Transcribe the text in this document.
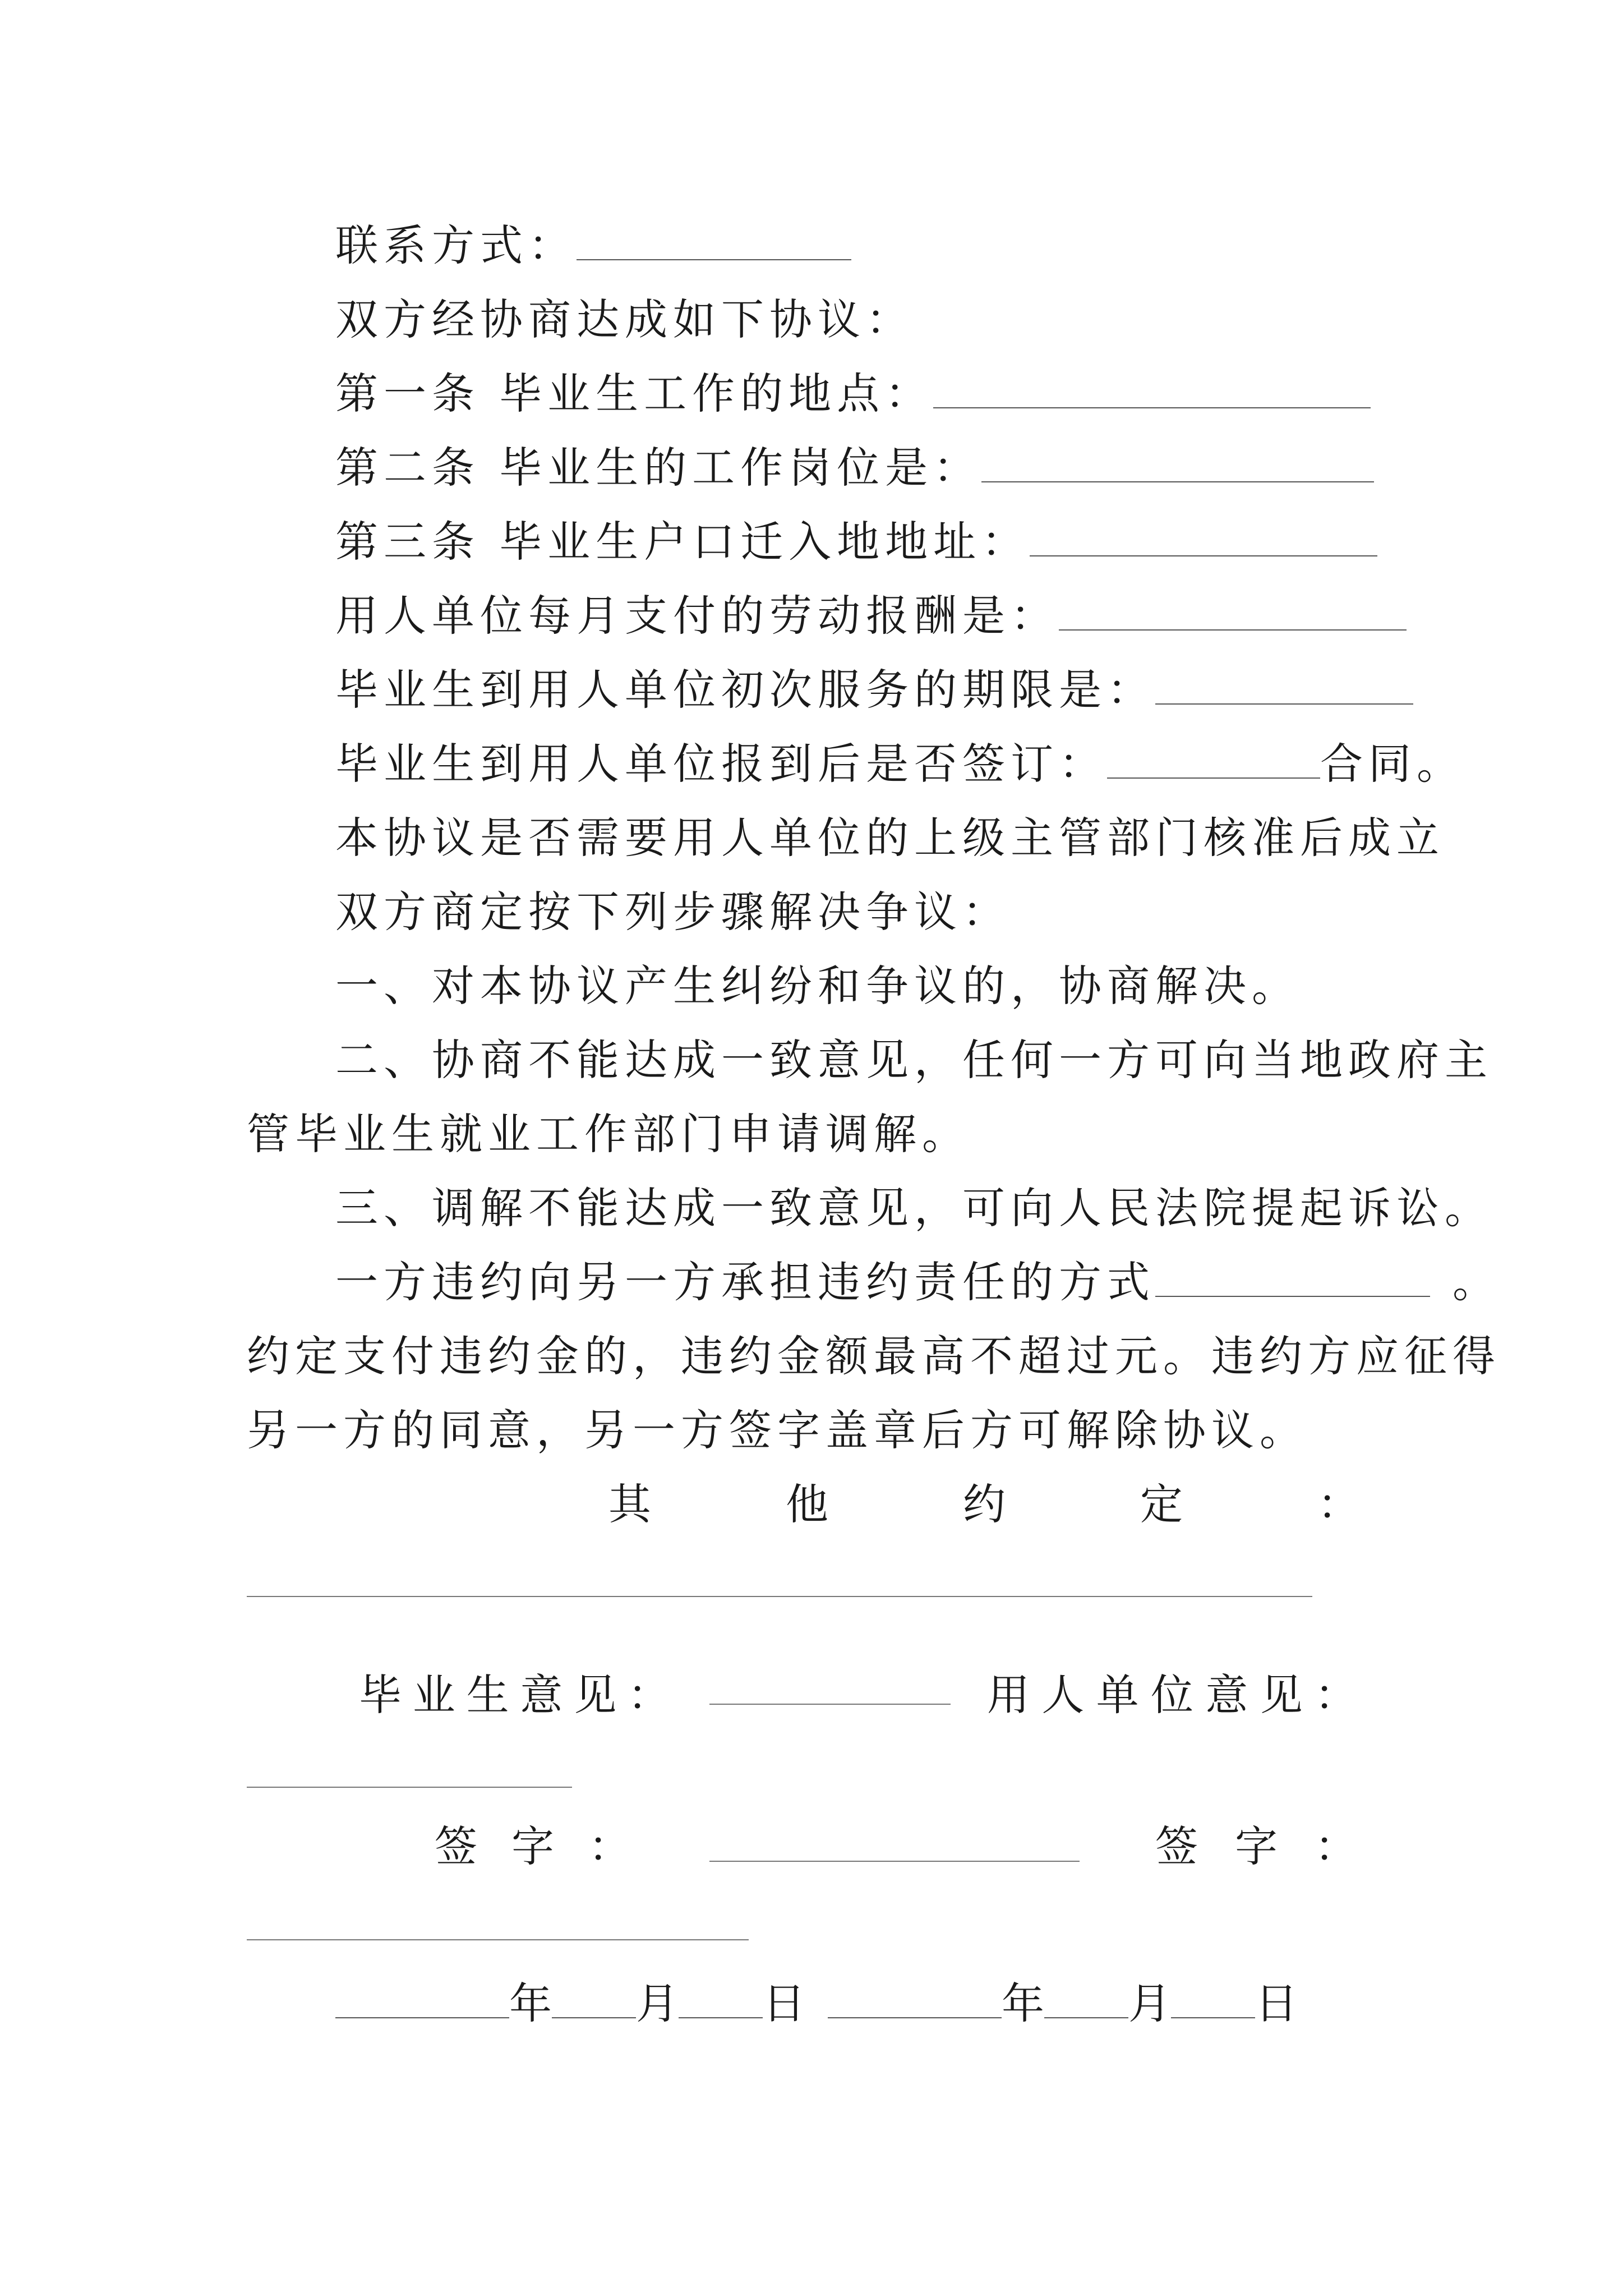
联系方式：
双方经协商达成如下协议：
第一条 毕业生工作的地点：
第二条 毕业生的工作岗位是：
第三条 毕业生户口迁入地地址：
用人单位每月支付的劳动报酬是：
毕业生到用人单位初次服务的期限是：
毕业生到用人单位报到后是否签订：	合同。
本协议是否需要用人单位的上级主管部门核准后成立
双方商定按下列步骤解决争议：
一、对本协议产生纠纷和争议的，协商解决。
二、协商不能达成一致意见，任何一方可向当地政府主
管毕业生就业工作部门申请调解。
三、调解不能达成一致意见，可向人民法院提起诉讼。
一方违约向另一方承担违约责任的方式	。
约定支付违约金的，违约金额最高不超过元。违约方应征得
另一方的同意，另一方签字盖章后方可解除协议。
其	他	约	定	：
毕 业 生 意 见 ：	用 人 单 位 意 见 ：
签 字 ：	签 字 ：
年 月 日	年 月 日
